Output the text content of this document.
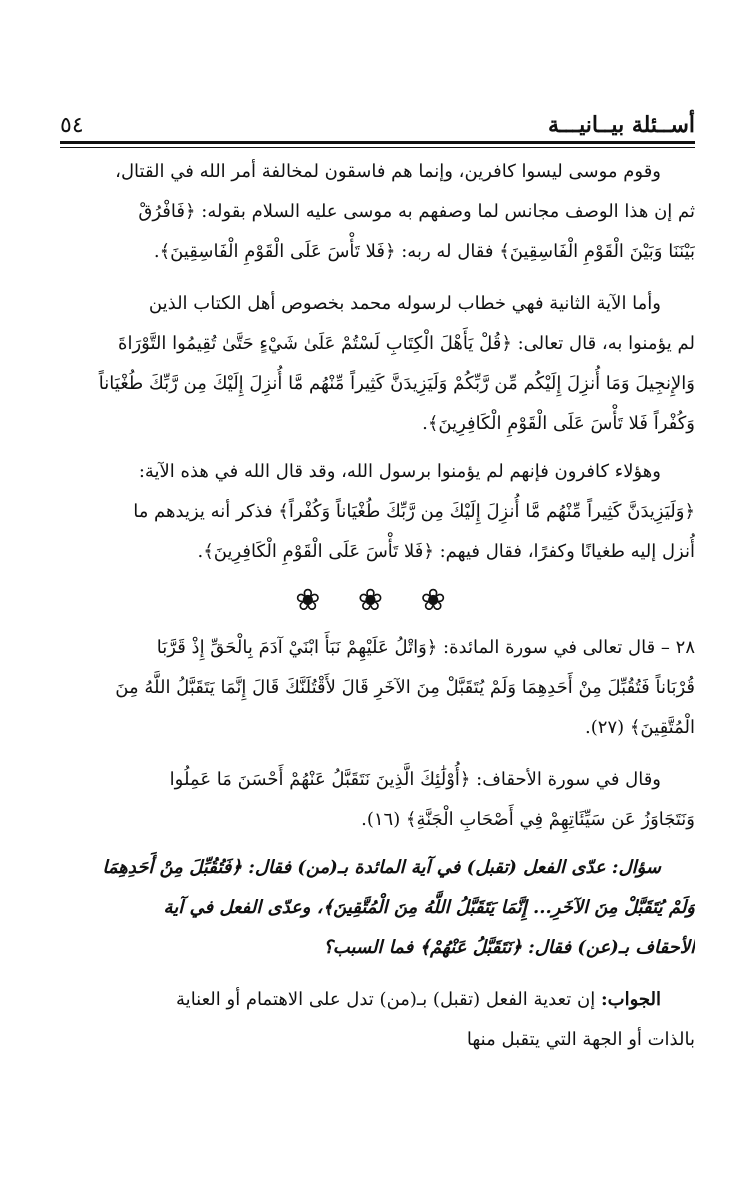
أســئلة بيــانيـــة
٥٤

وقوم موسى ليسوا كافرين، وإنما هم فاسقون لمخالفة أمر الله في القتال،
ثم إن هذا الوصف مجانس لما وصفهم به موسى عليه السلام بقوله: ﴿فَافْرُقْ
بَيْنَنَا وَبَيْنَ الْقَوْمِ الْفَاسِقِينَ﴾ فقال له ربه: ﴿فَلا تَأْسَ عَلَى الْقَوْمِ الْفَاسِقِينَ﴾.

وأما الآية الثانية فهي خطاب لرسوله محمد بخصوص أهل الكتاب الذين
لم يؤمنوا به، قال تعالى: ﴿قُلْ يَأَهْلَ الْكِتَابِ لَسْتُمْ عَلَىٰ شَيْءٍ حَتَّىٰ تُقِيمُوا التَّوْرَاةَ
وَالإِنجِيلَ وَمَا أُنزِلَ إِلَيْكُم مِّن رَّبِّكُمْ وَلَيَزِيدَنَّ كَثِيراً مِّنْهُم مَّا أُنزِلَ إِلَيْكَ مِن رَّبِّكَ طُغْيَاناً
وَكُفْراً فَلا تَأْسَ عَلَى الْقَوْمِ الْكَافِرِينَ﴾.

وهؤلاء كافرون فإنهم لم يؤمنوا برسول الله، وقد قال الله في هذه الآية:
﴿وَلَيَزِيدَنَّ كَثِيراً مِّنْهُم مَّا أُنزِلَ إِلَيْكَ مِن رَّبِّكَ طُغْيَاناً وَكُفْراً﴾ فذكر أنه يزيدهم ما
أُنزل إليه طغيانًا وكفرًا، فقال فيهم: ﴿فَلا تَأْسَ عَلَى الْقَوْمِ الْكَافِرِينَ﴾.

❀ ❀ ❀

٢٨ – قال تعالى في سورة المائدة: ﴿وَاتْلُ عَلَيْهِمْ نَبَأَ ابْنَيْ آدَمَ بِالْحَقِّ إِذْ قَرَّبَا
قُرْبَاناً فَتُقُبِّلَ مِنْ أَحَدِهِمَا وَلَمْ يُتَقَبَّلْ مِنَ الآخَرِ قَالَ لأَقْتُلَنَّكَ قَالَ إِنَّمَا يَتَقَبَّلُ اللَّهُ مِنَ
الْمُتَّقِينَ﴾ (٢٧).

وقال في سورة الأحقاف: ﴿أُوْلَٰئِكَ الَّذِينَ نَتَقَبَّلُ عَنْهُمْ أَحْسَنَ مَا عَمِلُوا
وَنَتَجَاوَزُ عَن سَيِّئَاتِهِمْ فِي أَصْحَابِ الْجَنَّةِ﴾ (١٦).

سؤال: عدّى الفعل (تقبل) في آية المائدة بـ(من) فقال: ﴿فَتُقُبِّلَ مِنْ أَحَدِهِمَا
وَلَمْ يُتَقَبَّلْ مِنَ الآخَرِ... إِنَّمَا يَتَقَبَّلُ اللَّهُ مِنَ الْمُتَّقِينَ﴾، وعدّى الفعل في آية
الأحقاف بـ(عن) فقال: ﴿نَتَقَبَّلُ عَنْهُمْ﴾ فما السبب؟

الجواب: إن تعدية الفعل (تقبل) بـ(من) تدل على الاهتمام أو العناية
بالذات أو الجهة التي يتقبل منها
